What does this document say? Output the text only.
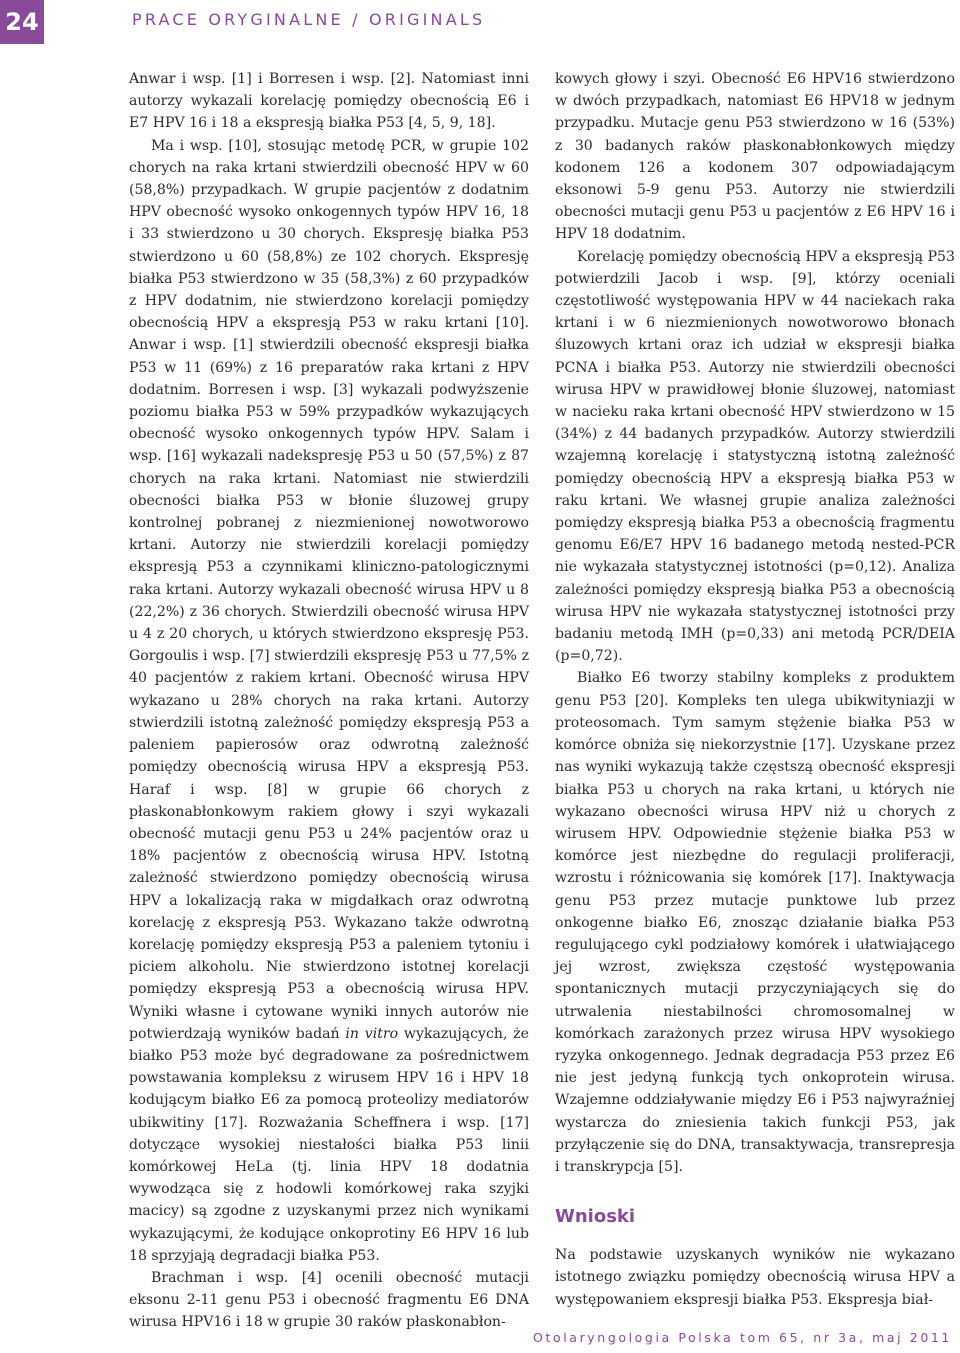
24	PRACE ORYGINALNE / ORIGINALS

Anwar i wsp. [1] i Borresen i wsp. [2]. Natomiast inni autorzy wykazali korelację pomiędzy obecnością E6 i E7 HPV 16 i 18 a ekspresją białka P53 [4, 5, 9, 18].

Ma i wsp. [10], stosując metodę PCR, w grupie 102 chorych na raka krtani stwierdzili obecność HPV w 60 (58,8%) przypadkach. W grupie pacjentów z dodatnim HPV obecność wysoko onkogennych typów HPV 16, 18 i 33 stwierdzono u 30 chorych. Ekspresję białka P53 stwierdzono u 60 (58,8%) ze 102 chorych. Ekspresję białka P53 stwierdzono w 35 (58,3%) z 60 przypadków z HPV dodatnim, nie stwierdzono korelacji pomiędzy obecnością HPV a ekspresją P53 w raku krtani [10]. Anwar i wsp. [1] stwierdzili obecność ekspresji białka P53 w 11 (69%) z 16 preparatów raka krtani z HPV dodatnim. Borresen i wsp. [3] wykazali podwyższenie poziomu białka P53 w 59% przypadków wykazujących obecność wysoko onkogennych typów HPV. Salam i wsp. [16] wykazali nadekspresję P53 u 50 (57,5%) z 87 chorych na raka krtani. Natomiast nie stwierdzili obecności białka P53 w błonie śluzowej grupy kontrolnej pobranej z niezmienionej nowotworowo krtani. Autorzy nie stwierdzili korelacji pomiędzy ekspresją P53 a czynnikami kliniczno-patologicznymi raka krtani. Autorzy wykazali obecność wirusa HPV u 8 (22,2%) z 36 chorych. Stwierdzili obecność wirusa HPV u 4 z 20 chorych, u których stwierdzono ekspresję P53. Gorgoulis i wsp. [7] stwierdzili ekspresję P53 u 77,5% z 40 pacjentów z rakiem krtani. Obecność wirusa HPV wykazano u 28% chorych na raka krtani. Autorzy stwierdzili istotną zależność pomiędzy ekspresją P53 a paleniem papierosów oraz odwrotną zależność pomiędzy obecnością wirusa HPV a ekspresją P53. Haraf i wsp. [8] w grupie 66 chorych z płaskonabłonkowym rakiem głowy i szyi wykazali obecność mutacji genu P53 u 24% pacjentów oraz u 18% pacjentów z obecnością wirusa HPV. Istotną zależność stwierdzono pomiędzy obecnością wirusa HPV a lokalizacją raka w migdałkach oraz odwrotną korelację z ekspresją P53. Wykazano także odwrotną korelację pomiędzy ekspresją P53 a paleniem tytoniu i piciem alkoholu. Nie stwierdzono istotnej korelacji pomiędzy ekspresją P53 a obecnością wirusa HPV. Wyniki własne i cytowane wyniki innych autorów nie potwierdzają wyników badań in vitro wykazujących, że białko P53 może być degradowane za pośrednictwem powstawania kompleksu z wirusem HPV 16 i HPV 18 kodującym białko E6 za pomocą proteolizy mediatorów ubikwitiny [17]. Rozważania Scheffnera i wsp. [17] dotyczące wysokiej niestałości białka P53 linii komórkowej HeLa (tj. linia HPV 18 dodatnia wywodząca się z hodowli komórkowej raka szyjki macicy) są zgodne z uzyskanymi przez nich wynikami wykazującymi, że kodujące onkoprotiny E6 HPV 16 lub 18 sprzyjają degradacji białka P53.

Brachman i wsp. [4] ocenili obecność mutacji eksonu 2-11 genu P53 i obecność fragmentu E6 DNA wirusa HPV16 i 18 w grupie 30 raków płaskonabłon-

kowych głowy i szyi. Obecność E6 HPV16 stwierdzono w dwóch przypadkach, natomiast E6 HPV18 w jednym przypadku. Mutacje genu P53 stwierdzono w 16 (53%) z 30 badanych raków płaskonabłonkowych między kodonem 126 a kodonem 307 odpowiadającym eksonowi 5-9 genu P53. Autorzy nie stwierdzili obecności mutacji genu P53 u pacjentów z E6 HPV 16 i HPV 18 dodatnim.

Korelację pomiędzy obecnością HPV a ekspresją P53 potwierdzili Jacob i wsp. [9], którzy oceniali częstotliwość występowania HPV w 44 naciekach raka krtani i w 6 niezmienionych nowotworowo błonach śluzowych krtani oraz ich udział w ekspresji białka PCNA i białka P53. Autorzy nie stwierdzili obecności wirusa HPV w prawidłowej błonie śluzowej, natomiast w nacieku raka krtani obecność HPV stwierdzono w 15 (34%) z 44 badanych przypadków. Autorzy stwierdzili wzajemną korelację i statystyczną istotną zależność pomiędzy obecnością HPV a ekspresją białka P53 w raku krtani. We własnej grupie analiza zależności pomiędzy ekspresją białka P53 a obecnością fragmentu genomu E6/E7 HPV 16 badanego metodą nested-PCR nie wykazała statystycznej istotności (p=0,12). Analiza zależności pomiędzy ekspresją białka P53 a obecnością wirusa HPV nie wykazała statystycznej istotności przy badaniu metodą IMH (p=0,33) ani metodą PCR/DEIA (p=0,72).

Białko E6 tworzy stabilny kompleks z produktem genu P53 [20]. Kompleks ten ulega ubikwityniazji w proteosomach. Tym samym stężenie białka P53 w komórce obniża się niekorzystnie [17]. Uzyskane przez nas wyniki wykazują także częstszą obecność ekspresji białka P53 u chorych na raka krtani, u których nie wykazano obecności wirusa HPV niż u chorych z wirusem HPV. Odpowiednie stężenie białka P53 w komórce jest niezbędne do regulacji proliferacji, wzrostu i różnicowania się komórek [17]. Inaktywacja genu P53 przez mutacje punktowe lub przez onkogenne białko E6, znosząc działanie białka P53 regulującego cykl podziałowy komórek i ułatwiającego jej wzrost, zwiększa częstość występowania spontanicznych mutacji przyczyniających się do utrwalenia niestabilności chromosomalnej w komórkach zarażonych przez wirusa HPV wysokiego ryzyka onkogennego. Jednak degradacja P53 przez E6 nie jest jedyną funkcją tych onkoprotein wirusa. Wzajemne oddziaływanie między E6 i P53 najwyraźniej wystarcza do zniesienia takich funkcji P53, jak przyłączenie się do DNA, transaktywacja, transrepresja i transkrypcja [5].

Wnioski

Na podstawie uzyskanych wyników nie wykazano istotnego związku pomiędzy obecnością wirusa HPV a występowaniem ekspresji białka P53. Ekspresja biał-

Otolaryngologia Polska tom 65, nr 3a, maj 2011
